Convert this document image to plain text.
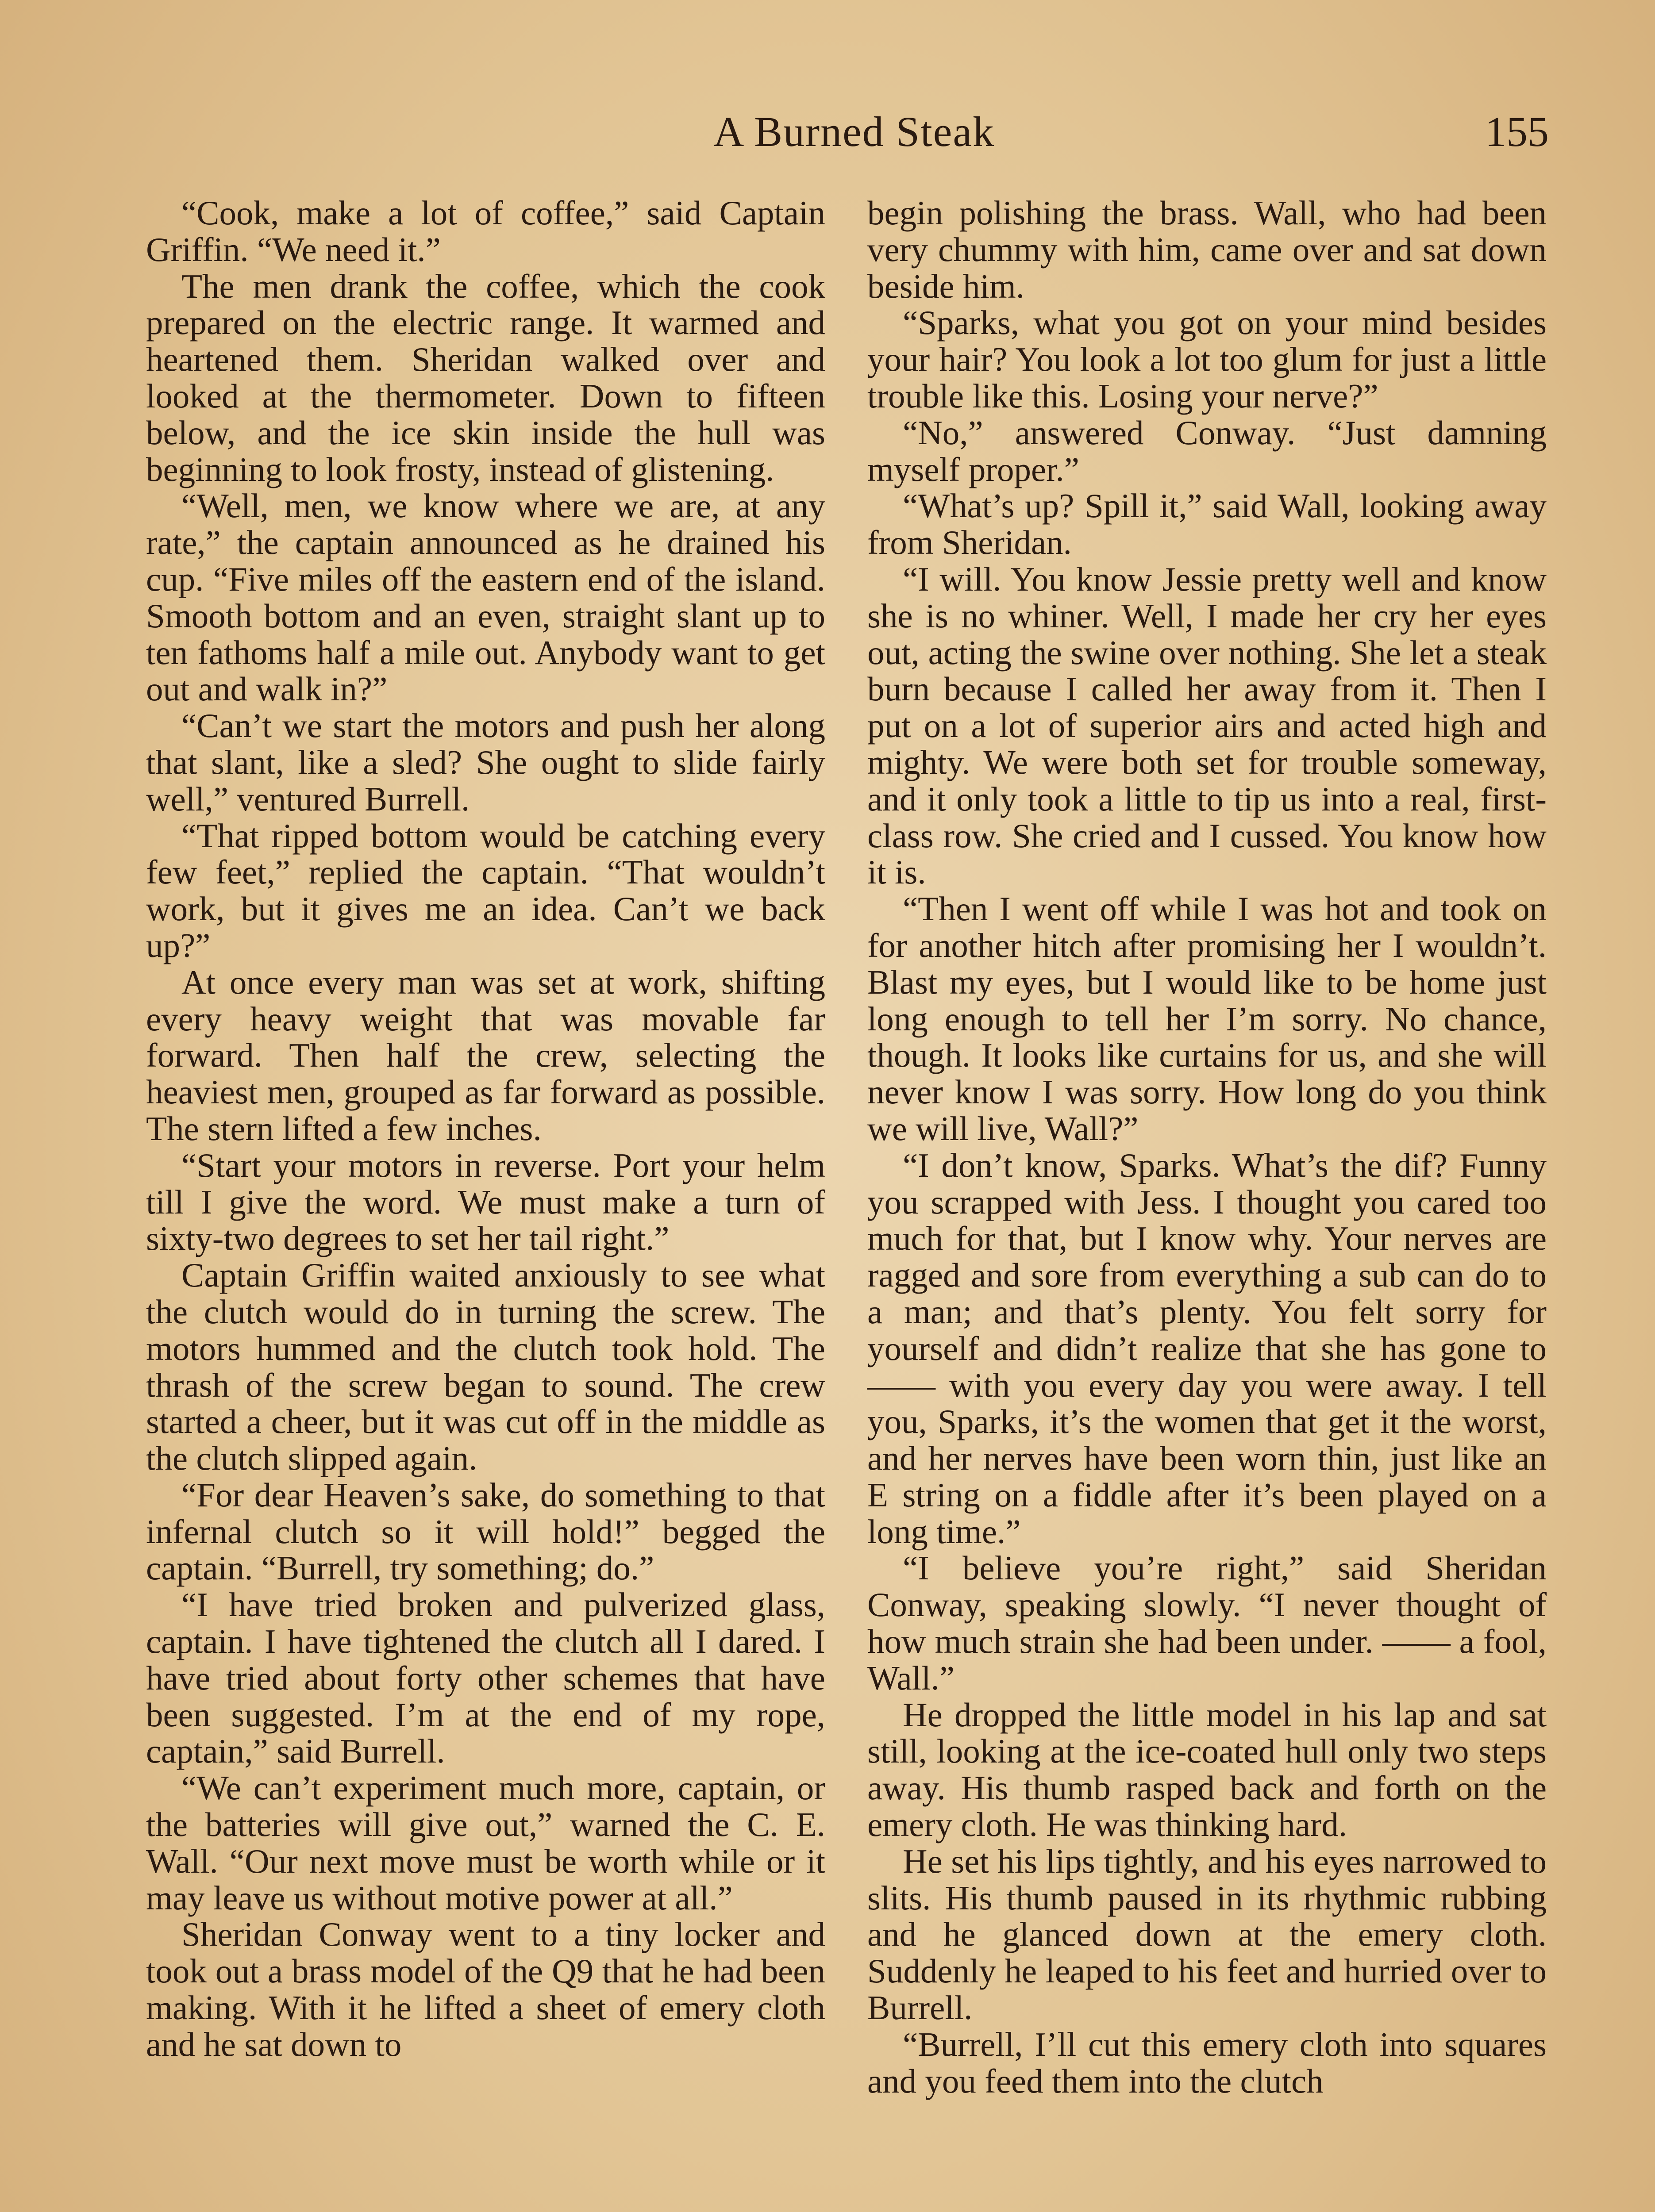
A Burned Steak	155

“Cook, make a lot of coffee,” said Captain Griffin. “We need it.”

The men drank the coffee, which the cook prepared on the electric range. It warmed and heartened them. Sheridan walked over and looked at the thermometer. Down to fifteen below, and the ice skin inside the hull was beginning to look frosty, instead of glistening.

“Well, men, we know where we are, at any rate,” the captain announced as he drained his cup. “Five miles off the eastern end of the island. Smooth bottom and an even, straight slant up to ten fathoms half a mile out. Anybody want to get out and walk in?”

“Can’t we start the motors and push her along that slant, like a sled? She ought to slide fairly well,” ventured Burrell.

“That ripped bottom would be catching every few feet,” replied the captain. “That wouldn’t work, but it gives me an idea. Can’t we back up?”

At once every man was set at work, shifting every heavy weight that was movable far forward. Then half the crew, selecting the heaviest men, grouped as far forward as possible. The stern lifted a few inches.

“Start your motors in reverse. Port your helm till I give the word. We must make a turn of sixty-two degrees to set her tail right.”

Captain Griffin waited anxiously to see what the clutch would do in turning the screw. The motors hummed and the clutch took hold. The thrash of the screw began to sound. The crew started a cheer, but it was cut off in the middle as the clutch slipped again.

“For dear Heaven’s sake, do something to that infernal clutch so it will hold!” begged the captain. “Burrell, try something; do.”

“I have tried broken and pulverized glass, captain. I have tightened the clutch all I dared. I have tried about forty other schemes that have been suggested. I’m at the end of my rope, captain,” said Burrell.

“We can’t experiment much more, captain, or the batteries will give out,” warned the C. E. Wall. “Our next move must be worth while or it may leave us without motive power at all.”

Sheridan Conway went to a tiny locker and took out a brass model of the Q9 that he had been making. With it he lifted a sheet of emery cloth and he sat down to

begin polishing the brass. Wall, who had been very chummy with him, came over and sat down beside him.

“Sparks, what you got on your mind besides your hair? You look a lot too glum for just a little trouble like this. Losing your nerve?”

“No,” answered Conway. “Just damning myself proper.”

“What’s up? Spill it,” said Wall, looking away from Sheridan.

“I will. You know Jessie pretty well and know she is no whiner. Well, I made her cry her eyes out, acting the swine over nothing. She let a steak burn because I called her away from it. Then I put on a lot of superior airs and acted high and mighty. We were both set for trouble someway, and it only took a little to tip us into a real, first-class row. She cried and I cussed. You know how it is.

“Then I went off while I was hot and took on for another hitch after promising her I wouldn’t. Blast my eyes, but I would like to be home just long enough to tell her I’m sorry. No chance, though. It looks like curtains for us, and she will never know I was sorry. How long do you think we will live, Wall?”

“I don’t know, Sparks. What’s the dif? Funny you scrapped with Jess. I thought you cared too much for that, but I know why. Your nerves are ragged and sore from everything a sub can do to a man; and that’s plenty. You felt sorry for yourself and didn’t realize that she has gone to —— with you every day you were away. I tell you, Sparks, it’s the women that get it the worst, and her nerves have been worn thin, just like an E string on a fiddle after it’s been played on a long time.”

“I believe you’re right,” said Sheridan Conway, speaking slowly. “I never thought of how much strain she had been under. —— a fool, Wall.”

He dropped the little model in his lap and sat still, looking at the ice-coated hull only two steps away. His thumb rasped back and forth on the emery cloth. He was thinking hard.

He set his lips tightly, and his eyes narrowed to slits. His thumb paused in its rhythmic rubbing and he glanced down at the emery cloth. Suddenly he leaped to his feet and hurried over to Burrell.

“Burrell, I’ll cut this emery cloth into squares and you feed them into the clutch
